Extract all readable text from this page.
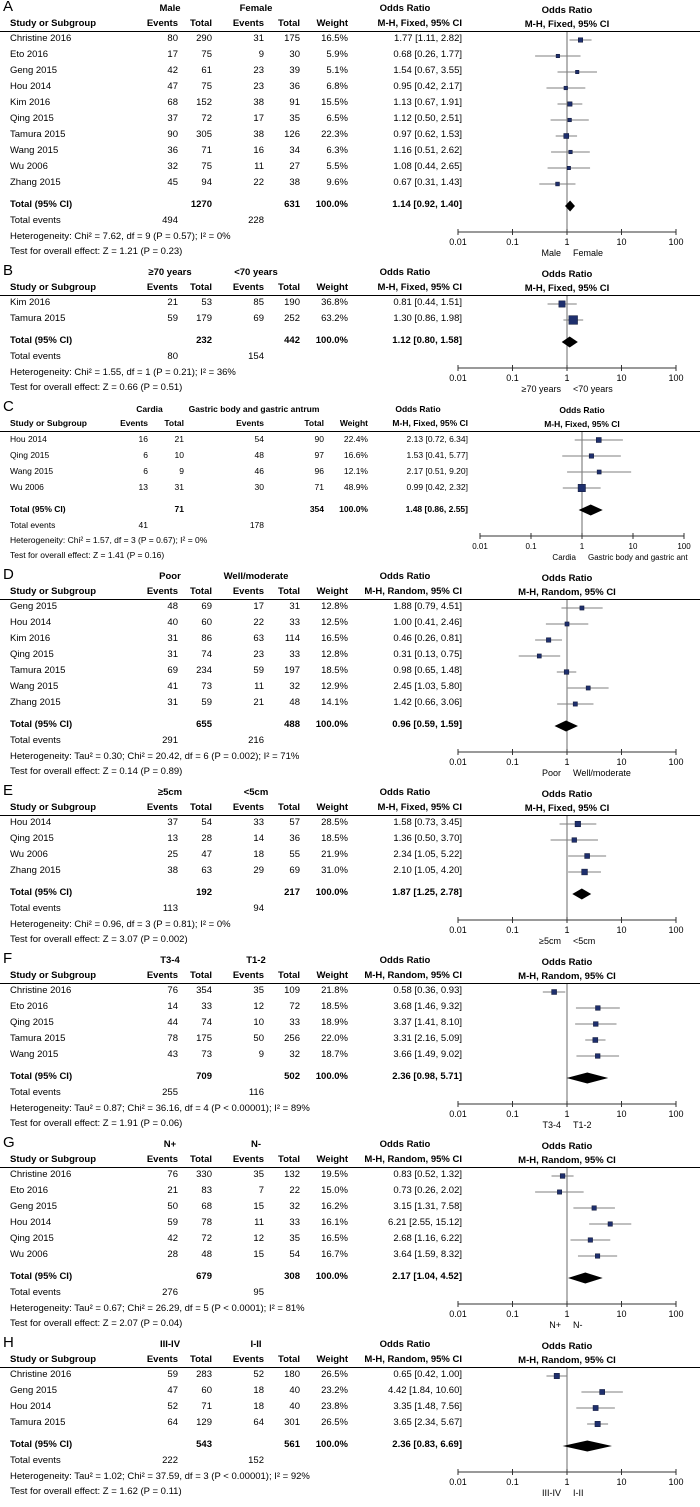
A	Male	Female	Odds Ratio
Study or Subgroup	Events	Total	Events	Total	Weight	M-H, Fixed, 95% CI
Christine 2016	80	290	31	175	16.5%	1.77 [1.11, 2.82]
Eto 2016	17	75	9	30	5.9%	0.68 [0.26, 1.77]
Geng 2015	42	61	23	39	5.1%	1.54 [0.67, 3.55]
Hou 2014	47	75	23	36	6.8%	0.95 [0.42, 2.17]
Kim 2016	68	152	38	91	15.5%	1.13 [0.67, 1.91]
Qing 2015	37	72	17	35	6.5%	1.12 [0.50, 2.51]
Tamura 2015	90	305	38	126	22.3%	0.97 [0.62, 1.53]
Wang 2015	36	71	16	34	6.3%	1.16 [0.51, 2.62]
Wu 2006	32	75	11	27	5.5%	1.08 [0.44, 2.65]
Zhang 2015	45	94	22	38	9.6%	0.67 [0.31, 1.43]
Total (95% CI)	1270	631	100.0%	1.14 [0.92, 1.40]
Total events	494	228
Heterogeneity: Chi² = 7.62, df = 9 (P = 0.57); I² = 0%
Test for overall effect: Z = 1.21 (P = 0.23)
Odds Ratio
M-H, Fixed, 95% CI
0.01	0.1	1	10	100
Male Female
B	≥70 years	<70 years	Odds Ratio
Study or Subgroup	Events	Total	Events	Total	Weight	M-H, Fixed, 95% CI
Kim 2016	21	53	85	190	36.8%	0.81 [0.44, 1.51]
Tamura 2015	59	179	69	252	63.2%	1.30 [0.86, 1.98]
Total (95% CI)	232	442	100.0%	1.12 [0.80, 1.58]
Total events	80	154
Heterogeneity: Chi² = 1.55, df = 1 (P = 0.21); I² = 36%
Test for overall effect: Z = 0.66 (P = 0.51)
Odds Ratio
M-H, Fixed, 95% CI
0.01	0.1	1	10	100
≥70 years <70 years
C	Cardia	Gastric body and gastric antrum	Odds Ratio
Study or Subgroup	Events	Total	Events	Total	Weight	M-H, Fixed, 95% CI
Hou 2014	16	21	54	90	22.4%	2.13 [0.72, 6.34]
Qing 2015	6	10	48	97	16.6%	1.53 [0.41, 5.77]
Wang 2015	6	9	46	96	12.1%	2.17 [0.51, 9.20]
Wu 2006	13	31	30	71	48.9%	0.99 [0.42, 2.32]
Total (95% CI)	71	354	100.0%	1.48 [0.86, 2.55]
Total events	41	178
Heterogeneity: Chi² = 1.57, df = 3 (P = 0.67); I² = 0%
Test for overall effect: Z = 1.41 (P = 0.16)
Odds Ratio
M-H, Fixed, 95% CI
0.01	0.1	1	10	100
Cardia Gastric body and gastric ant
D	Poor	Well/moderate	Odds Ratio
Study or Subgroup	Events	Total	Events	Total	Weight	M-H, Random, 95% CI
Geng 2015	48	69	17	31	12.8%	1.88 [0.79, 4.51]
Hou 2014	40	60	22	33	12.5%	1.00 [0.41, 2.46]
Kim 2016	31	86	63	114	16.5%	0.46 [0.26, 0.81]
Qing 2015	31	74	23	33	12.8%	0.31 [0.13, 0.75]
Tamura 2015	69	234	59	197	18.5%	0.98 [0.65, 1.48]
Wang 2015	41	73	11	32	12.9%	2.45 [1.03, 5.80]
Zhang 2015	31	59	21	48	14.1%	1.42 [0.66, 3.06]
Total (95% CI)	655	488	100.0%	0.96 [0.59, 1.59]
Total events	291	216
Heterogeneity: Tau² = 0.30; Chi² = 20.42, df = 6 (P = 0.002); I² = 71%
Test for overall effect: Z = 0.14 (P = 0.89)
Odds Ratio
M-H, Random, 95% CI
0.01	0.1	1	10	100
Poor Well/moderate
E	≥5cm	<5cm	Odds Ratio
Study or Subgroup	Events	Total	Events	Total	Weight	M-H, Fixed, 95% CI
Hou 2014	37	54	33	57	28.5%	1.58 [0.73, 3.45]
Qing 2015	13	28	14	36	18.5%	1.36 [0.50, 3.70]
Wu 2006	25	47	18	55	21.9%	2.34 [1.05, 5.22]
Zhang 2015	38	63	29	69	31.0%	2.10 [1.05, 4.20]
Total (95% CI)	192	217	100.0%	1.87 [1.25, 2.78]
Total events	113	94
Heterogeneity: Chi² = 0.96, df = 3 (P = 0.81); I² = 0%
Test for overall effect: Z = 3.07 (P = 0.002)
Odds Ratio
M-H, Fixed, 95% CI
0.01	0.1	1	10	100
≥5cm <5cm
F	T3-4	T1-2	Odds Ratio
Study or Subgroup	Events	Total	Events	Total	Weight	M-H, Random, 95% CI
Christine 2016	76	354	35	109	21.8%	0.58 [0.36, 0.93]
Eto 2016	14	33	12	72	18.5%	3.68 [1.46, 9.32]
Qing 2015	44	74	10	33	18.9%	3.37 [1.41, 8.10]
Tamura 2015	78	175	50	256	22.0%	3.31 [2.16, 5.09]
Wang 2015	43	73	9	32	18.7%	3.66 [1.49, 9.02]
Total (95% CI)	709	502	100.0%	2.36 [0.98, 5.71]
Total events	255	116
Heterogeneity: Tau² = 0.87; Chi² = 36.16, df = 4 (P < 0.00001); I² = 89%
Test for overall effect: Z = 1.91 (P = 0.06)
Odds Ratio
M-H, Random, 95% CI
0.01	0.1	1	10	100
T3-4 T1-2
G	N+	N-	Odds Ratio
Study or Subgroup	Events	Total	Events	Total	Weight	M-H, Random, 95% CI
Christine 2016	76	330	35	132	19.5%	0.83 [0.52, 1.32]
Eto 2016	21	83	7	22	15.0%	0.73 [0.26, 2.02]
Geng 2015	50	68	15	32	16.2%	3.15 [1.31, 7.58]
Hou 2014	59	78	11	33	16.1%	6.21 [2.55, 15.12]
Qing 2015	42	72	12	35	16.5%	2.68 [1.16, 6.22]
Wu 2006	28	48	15	54	16.7%	3.64 [1.59, 8.32]
Total (95% CI)	679	308	100.0%	2.17 [1.04, 4.52]
Total events	276	95
Heterogeneity: Tau² = 0.67; Chi² = 26.29, df = 5 (P < 0.0001); I² = 81%
Test for overall effect: Z = 2.07 (P = 0.04)
Odds Ratio
M-H, Random, 95% CI
0.01	0.1	1	10	100
N+ N-
H	III-IV	I-II	Odds Ratio
Study or Subgroup	Events	Total	Events	Total	Weight	M-H, Random, 95% CI
Christine 2016	59	283	52	180	26.5%	0.65 [0.42, 1.00]
Geng 2015	47	60	18	40	23.2%	4.42 [1.84, 10.60]
Hou 2014	52	71	18	40	23.8%	3.35 [1.48, 7.56]
Tamura 2015	64	129	64	301	26.5%	3.65 [2.34, 5.67]
Total (95% CI)	543	561	100.0%	2.36 [0.83, 6.69]
Total events	222	152
Heterogeneity: Tau² = 1.02; Chi² = 37.59, df = 3 (P < 0.00001); I² = 92%
Test for overall effect: Z = 1.62 (P = 0.11)
Odds Ratio
M-H, Random, 95% CI
0.01	0.1	1	10	100
III-IV I-II
